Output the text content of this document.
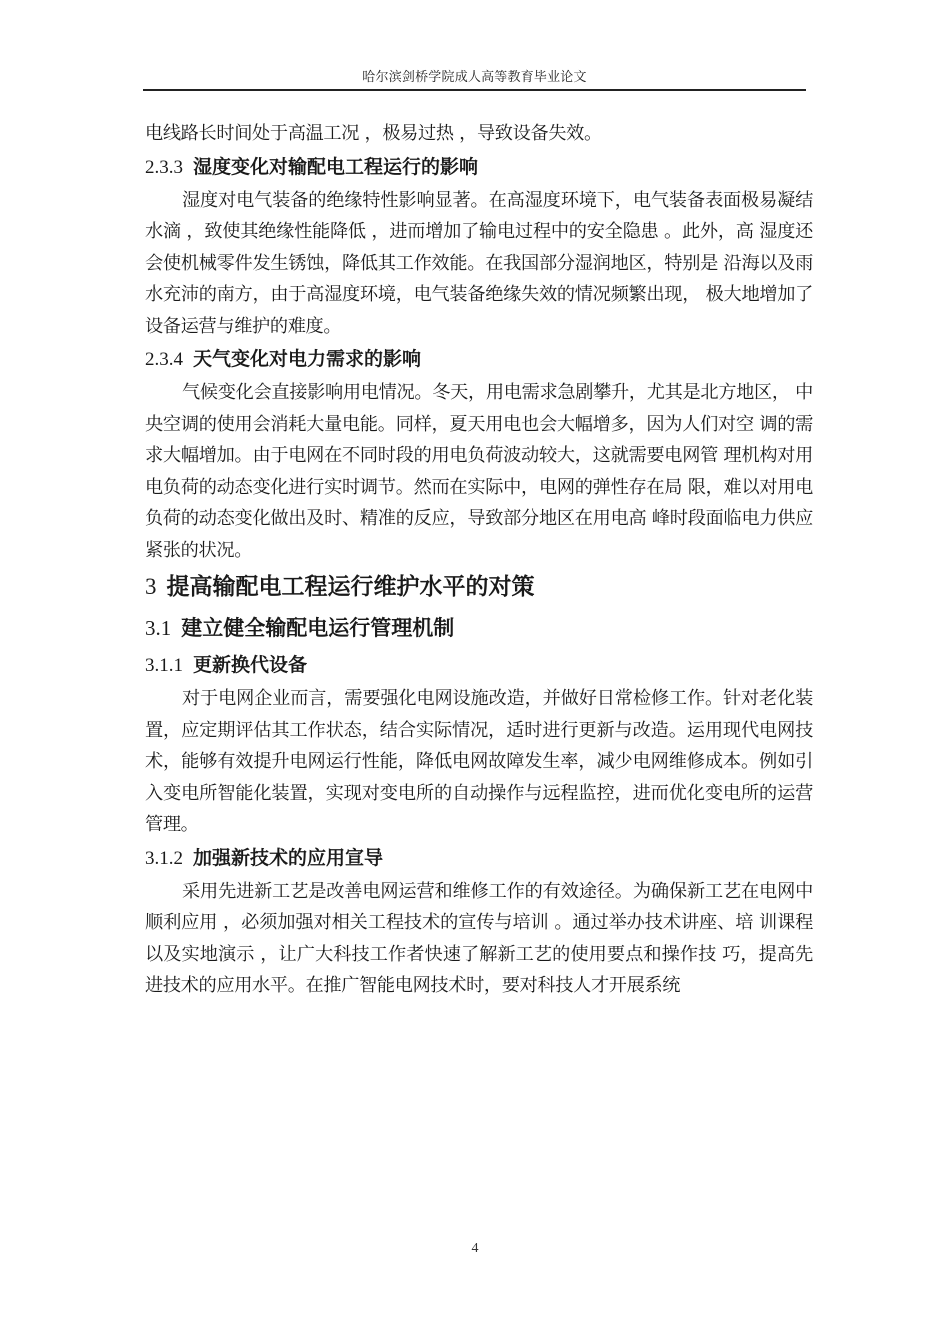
哈尔滨剑桥学院成人高等教育毕业论文

电线路长时间处于高温工况 ，极易过热 ，导致设备失效。

2.3.3 湿度变化对输配电工程运行的影响

湿度对电气装备的绝缘特性影响显著。在高湿度环境下，电气装备表面极易凝结水滴 ，致使其绝缘性能降低 ，进而增加了输电过程中的安全隐患 。此外，高 湿度还会使机械零件发生锈蚀，降低其工作效能。在我国部分湿润地区，特别是 沿海以及雨水充沛的南方，由于高湿度环境，电气装备绝缘失效的情况频繁出现， 极大地增加了设备运营与维护的难度。

2.3.4 天气变化对电力需求的影响

气候变化会直接影响用电情况。冬天，用电需求急剧攀升，尤其是北方地区， 中央空调的使用会消耗大量电能。同样，夏天用电也会大幅增多，因为人们对空 调的需求大幅增加。由于电网在不同时段的用电负荷波动较大，这就需要电网管 理机构对用电负荷的动态变化进行实时调节。然而在实际中，电网的弹性存在局 限，难以对用电负荷的动态变化做出及时、精准的反应，导致部分地区在用电高 峰时段面临电力供应紧张的状况。

3 提高输配电工程运行维护水平的对策
3.1 建立健全输配电运行管理机制
3.1.1 更新换代设备

对于电网企业而言，需要强化电网设施改造，并做好日常检修工作。针对老化装置，应定期评估其工作状态，结合实际情况，适时进行更新与改造。运用现代电网技术，能够有效提升电网运行性能，降低电网故障发生率，减少电网维修成本。例如引入变电所智能化装置，实现对变电所的自动操作与远程监控，进而优化变电所的运营管理。

3.1.2 加强新技术的应用宣导

采用先进新工艺是改善电网运营和维修工作的有效途径。为确保新工艺在电网中顺利应用 ，必须加强对相关工程技术的宣传与培训 。通过举办技术讲座、培 训课程以及实地演示 ，让广大科技工作者快速了解新工艺的使用要点和操作技 巧，提高先进技术的应用水平。在推广智能电网技术时，要对科技人才开展系统

4
